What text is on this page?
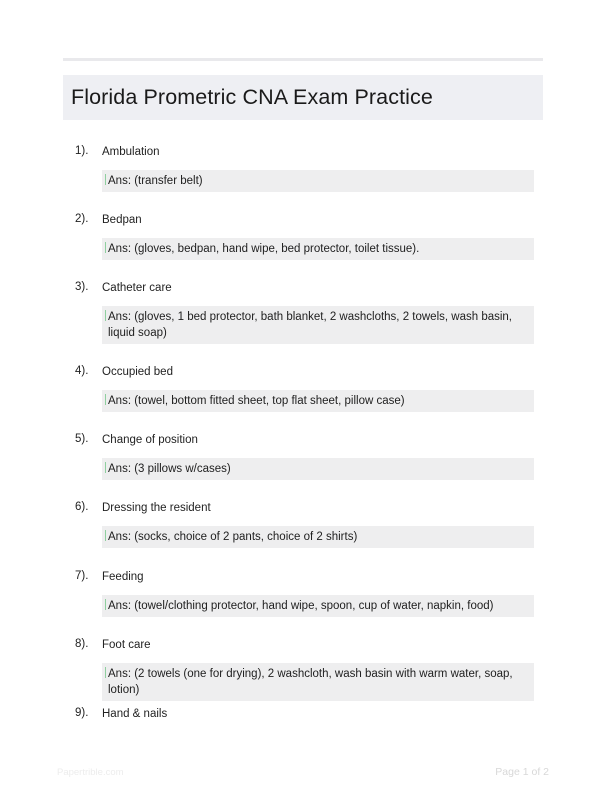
Florida Prometric CNA Exam Practice
1). Ambulation
Ans: (transfer belt)
2). Bedpan
Ans: (gloves, bedpan, hand wipe, bed protector, toilet tissue).
3). Catheter care
Ans: (gloves, 1 bed protector, bath blanket, 2 washcloths, 2 towels, wash basin, liquid soap)
4). Occupied bed
Ans: (towel, bottom fitted sheet, top flat sheet, pillow case)
5). Change of position
Ans: (3 pillows w/cases)
6). Dressing the resident
Ans: (socks, choice of 2 pants, choice of 2 shirts)
7). Feeding
Ans: (towel/clothing protector, hand wipe, spoon, cup of water, napkin, food)
8). Foot care
Ans: (2 towels (one for drying), 2 washcloth, wash basin with warm water, soap, lotion)
9). Hand & nails
Papertrible.com	Page 1 of 2
